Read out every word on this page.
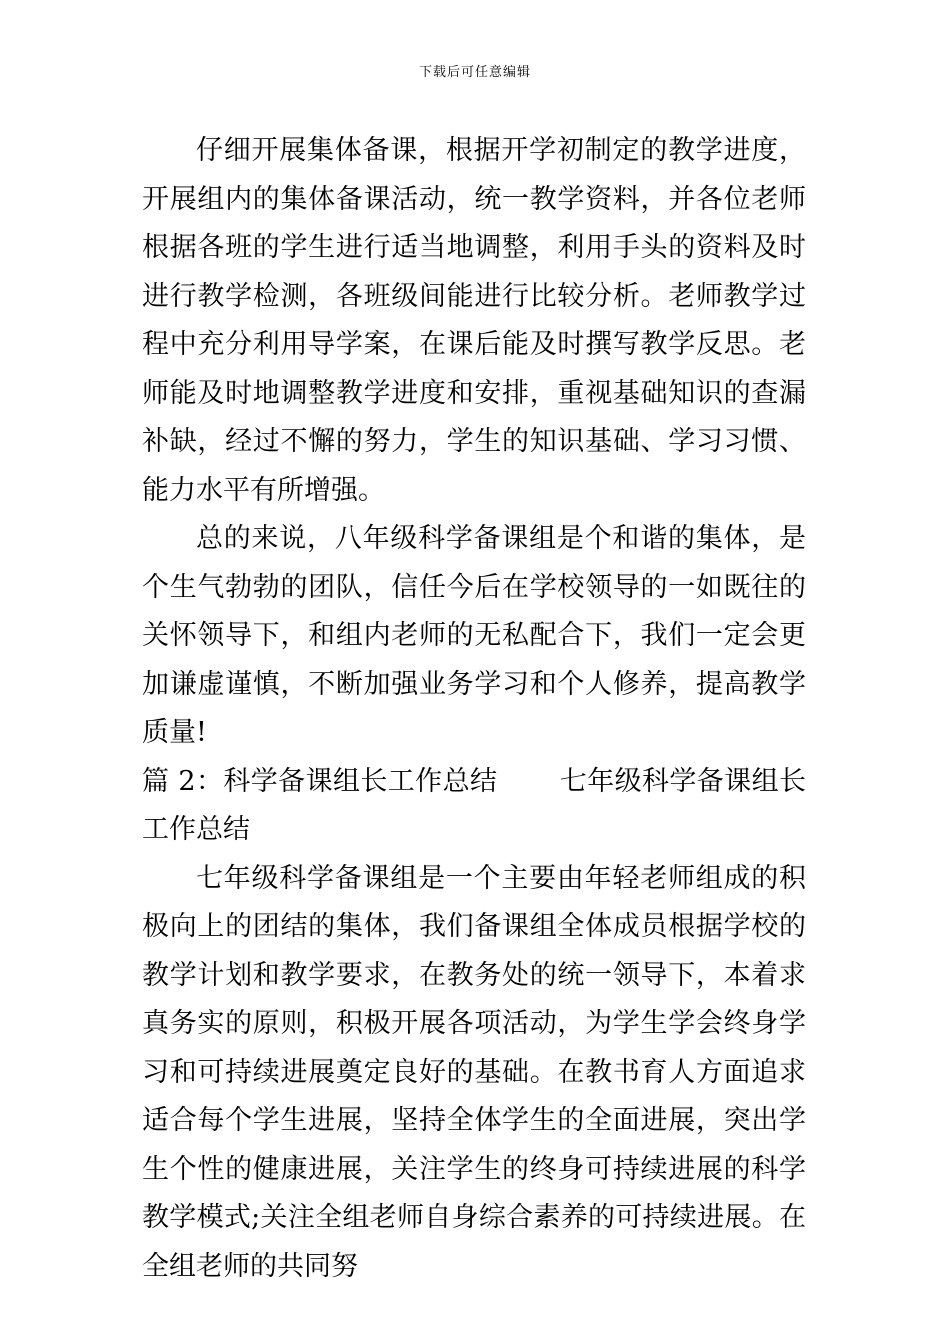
下载后可任意编辑

仔细开展集体备课，根据开学初制定的教学进度，开展组内的集体备课活动，统一教学资料，并各位老师根据各班的学生进行适当地调整，利用手头的资料及时进行教学检测，各班级间能进行比较分析。老师教学过程中充分利用导学案，在课后能及时撰写教学反思。老师能及时地调整教学进度和安排，重视基础知识的查漏补缺，经过不懈的努力，学生的知识基础、学习习惯、能力水平有所增强。

总的来说，八年级科学备课组是个和谐的集体，是个生气勃勃的团队，信任今后在学校领导的一如既往的关怀领导下，和组内老师的无私配合下，我们一定会更加谦虚谨慎，不断加强业务学习和个人修养，提高教学质量!

篇 2：科学备课组长工作总结 七年级科学备课组长工作总结

七年级科学备课组是一个主要由年轻老师组成的积极向上的团结的集体，我们备课组全体成员根据学校的教学计划和教学要求，在教务处的统一领导下，本着求真务实的原则，积极开展各项活动，为学生学会终身学习和可持续进展奠定良好的基础。在教书育人方面追求适合每个学生进展，坚持全体学生的全面进展，突出学生个性的健康进展，关注学生的终身可持续进展的科学教学模式;关注全组老师自身综合素养的可持续进展。在全组老师的共同努
